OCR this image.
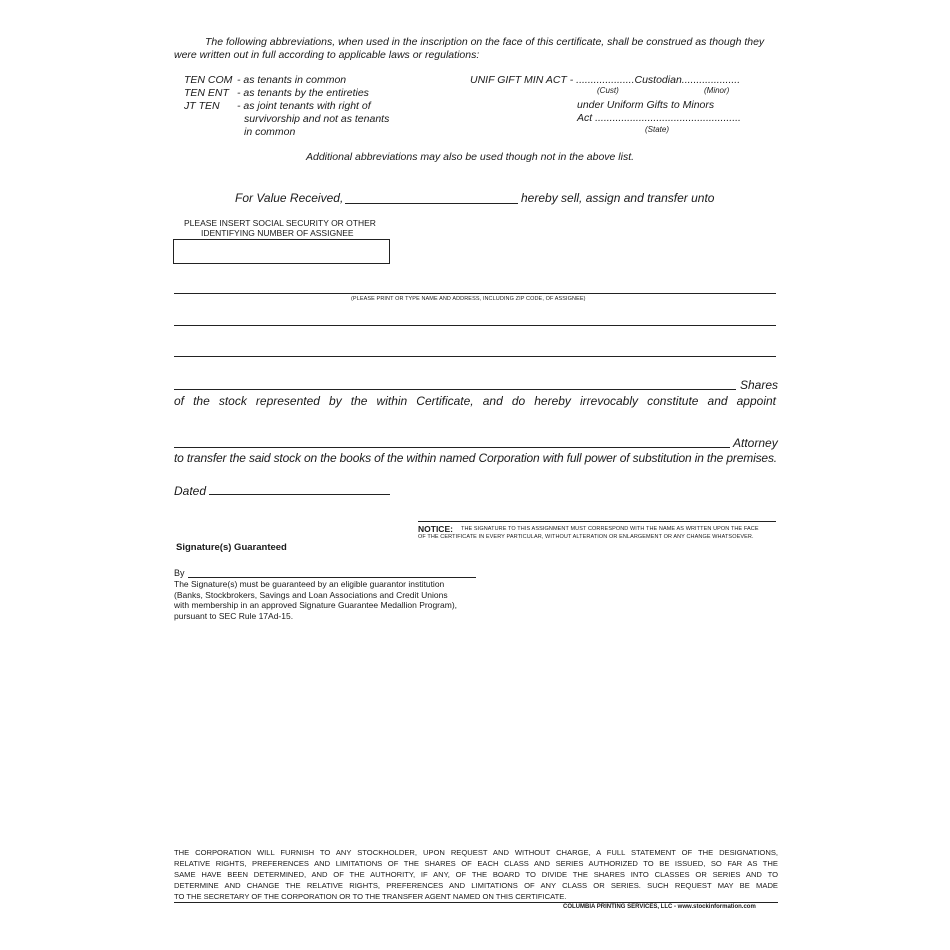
The following abbreviations, when used in the inscription on the face of this certificate, shall be construed as though they
were written out in full according to applicable laws or regulations:
TEN COM - as tenants in common
TEN ENT - as tenants by the entireties
JT TEN - as joint tenants with right of
survivorship and not as tenants
in common
UNIF GIFT MIN ACT - ....................Custodian....................
(Cust)	(Minor)
under Uniform Gifts to Minors
Act ..................................................
(State)
Additional abbreviations may also be used though not in the above list.
For Value Received,	hereby sell, assign and transfer unto
PLEASE INSERT SOCIAL SECURITY OR OTHER
IDENTIFYING NUMBER OF ASSIGNEE
(PLEASE PRINT OR TYPE NAME AND ADDRESS, INCLUDING ZIP CODE, OF ASSIGNEE)
Shares
of the stock represented by the within Certificate, and do hereby irrevocably constitute and appoint
Attorney
to transfer the said stock on the books of the within named Corporation with full power of substitution in the premises.
Dated
NOTICE: THE SIGNATURE TO THIS ASSIGNMENT MUST CORRESPOND WITH THE NAME AS WRITTEN UPON THE FACE
OF THE CERTIFICATE IN EVERY PARTICULAR, WITHOUT ALTERATION OR ENLARGEMENT OR ANY CHANGE WHATSOEVER.
Signature(s) Guaranteed
By
The Signature(s) must be guaranteed by an eligible guarantor institution
(Banks, Stockbrokers, Savings and Loan Associations and Credit Unions
with membership in an approved Signature Guarantee Medallion Program),
pursuant to SEC Rule 17Ad-15.
THE CORPORATION WILL FURNISH TO ANY STOCKHOLDER, UPON REQUEST AND WITHOUT CHARGE, A FULL STATEMENT OF THE DESIGNATIONS,
RELATIVE RIGHTS, PREFERENCES AND LIMITATIONS OF THE SHARES OF EACH CLASS AND SERIES AUTHORIZED TO BE ISSUED, SO FAR AS THE
SAME HAVE BEEN DETERMINED, AND OF THE AUTHORITY, IF ANY, OF THE BOARD TO DIVIDE THE SHARES INTO CLASSES OR SERIES AND TO
DETERMINE AND CHANGE THE RELATIVE RIGHTS, PREFERENCES AND LIMITATIONS OF ANY CLASS OR SERIES. SUCH REQUEST MAY BE MADE
TO THE SECRETARY OF THE CORPORATION OR TO THE TRANSFER AGENT NAMED ON THIS CERTIFICATE.
COLUMBIA PRINTING SERVICES, LLC - www.stockinformation.com
